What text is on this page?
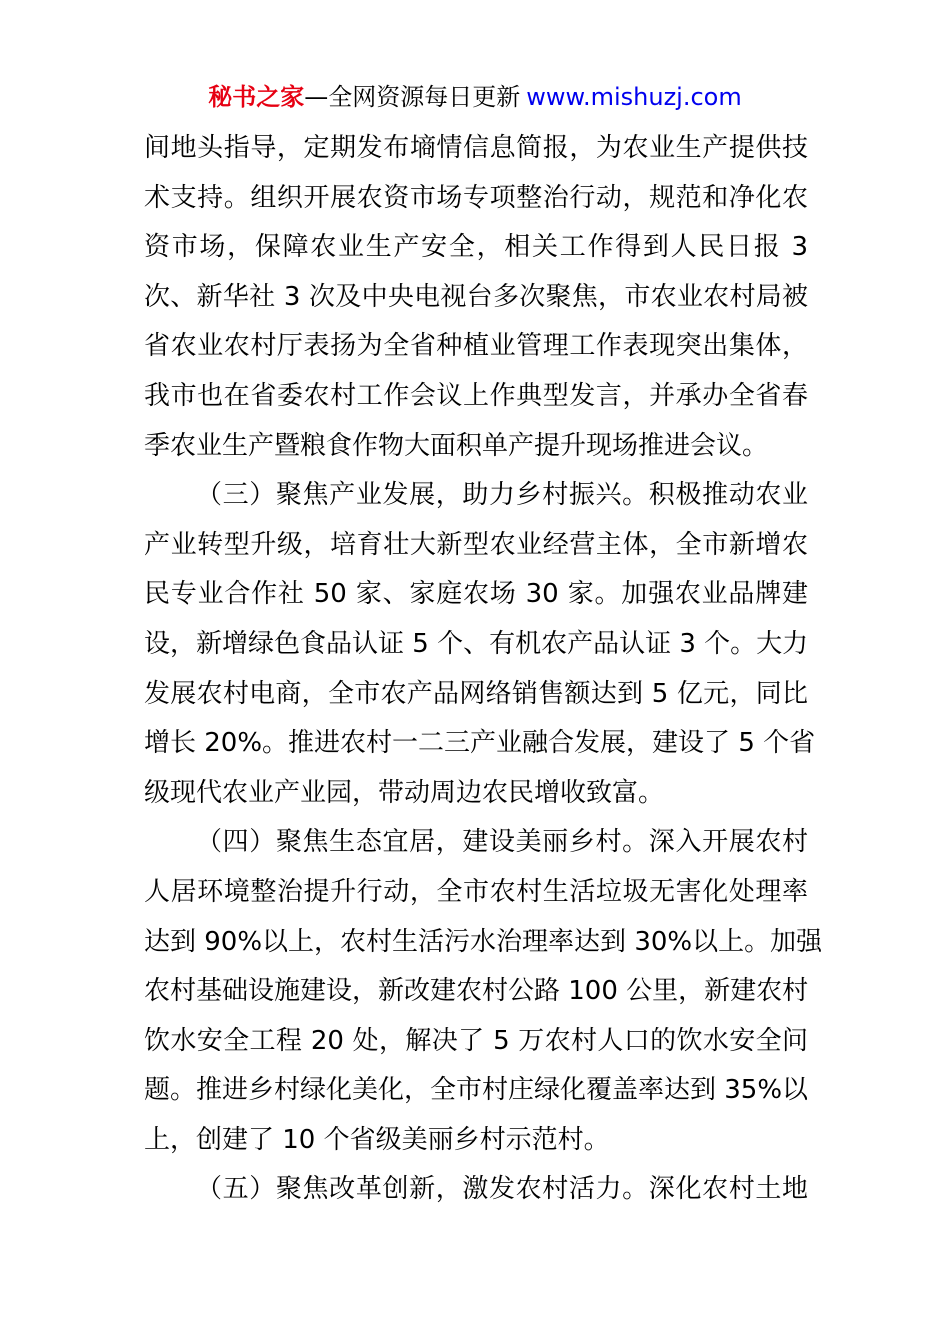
秘书之家—全网资源每日更新 www.mishuzj.com
间地头指导，定期发布墒情信息简报，为农业生产提供技
术支持。组织开展农资市场专项整治行动，规范和净化农
资市场，保障农业生产安全，相关工作得到人民日报 3
次、新华社 3 次及中央电视台多次聚焦，市农业农村局被
省农业农村厅表扬为全省种植业管理工作表现突出集体，
我市也在省委农村工作会议上作典型发言，并承办全省春
季农业生产暨粮食作物大面积单产提升现场推进会议。
（三）聚焦产业发展，助力乡村振兴。积极推动农业
产业转型升级，培育壮大新型农业经营主体，全市新增农
民专业合作社 50 家、家庭农场 30 家。加强农业品牌建
设，新增绿色食品认证 5 个、有机农产品认证 3 个。大力
发展农村电商，全市农产品网络销售额达到 5 亿元，同比
增长 20%。推进农村一二三产业融合发展，建设了 5 个省
级现代农业产业园，带动周边农民增收致富。
（四）聚焦生态宜居，建设美丽乡村。深入开展农村
人居环境整治提升行动，全市农村生活垃圾无害化处理率
达到 90%以上，农村生活污水治理率达到 30%以上。加强
农村基础设施建设，新改建农村公路 100 公里，新建农村
饮水安全工程 20 处，解决了 5 万农村人口的饮水安全问
题。推进乡村绿化美化，全市村庄绿化覆盖率达到 35%以
上，创建了 10 个省级美丽乡村示范村。
（五）聚焦改革创新，激发农村活力。深化农村土地
